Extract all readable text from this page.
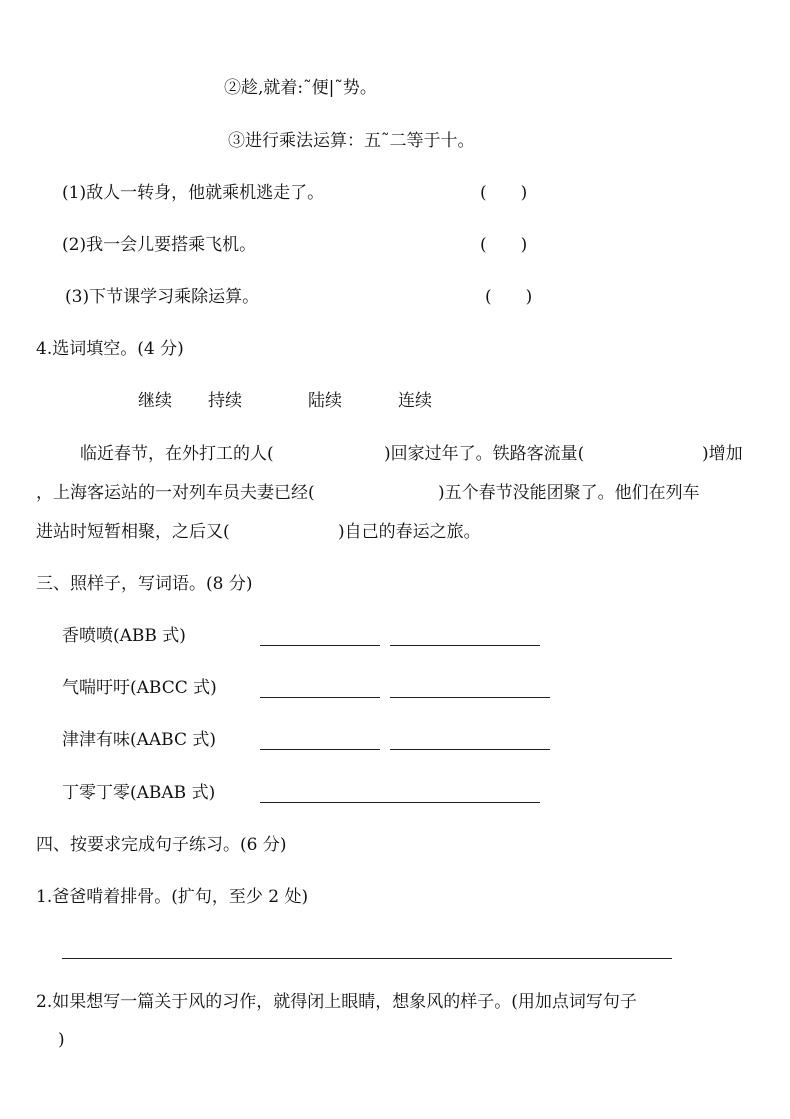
②趁,就着:˜便|˜势。
③进行乘法运算：五˜二等于十。
(1)敌人一转身，他就乘机逃走了。	(　　)
(2)我一会儿要搭乘飞机。	(　　)
(3)下节课学习乘除运算。	(　　)
4.选词填空。(4 分)
继续 持续	陆续	连续
临近春节，在外打工的人(	)回家过年了。铁路客流量(	)增加
，上海客运站的一对列车员夫妻已经(	)五个春节没能团聚了。他们在列车
进站时短暂相聚，之后又(	)自己的春运之旅。
三、照样子，写词语。(8 分)
香喷喷(ABB 式)
气喘吁吁(ABCC 式)
津津有味(AABC 式)
丁零丁零(ABAB 式)
四、按要求完成句子练习。(6 分)
1.爸爸啃着排骨。(扩句，至少 2 处)
2.如果想写一篇关于风的习作，就得闭上眼睛，想象风的样子。(用加点词写句子
)
